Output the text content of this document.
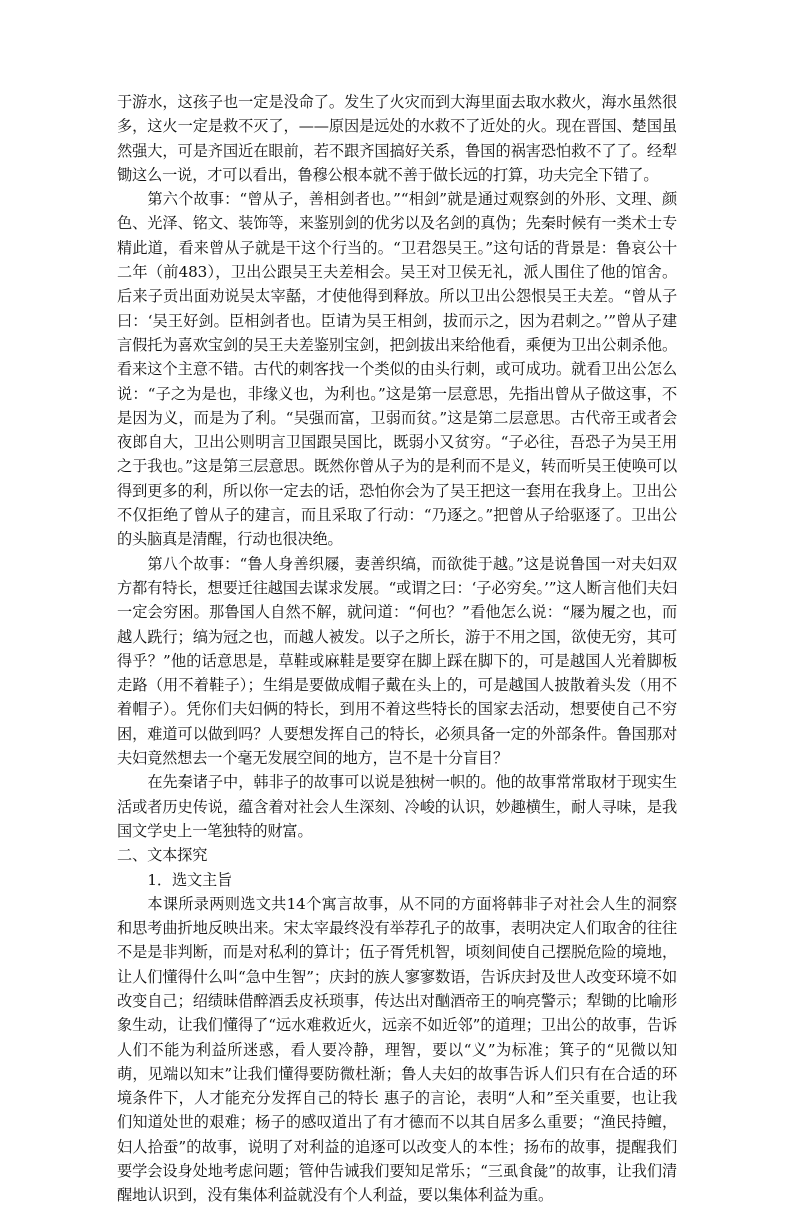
于游水，这孩子也一定是没命了。发生了火灾而到大海里面去取水救火，海水虽然很多，这火一定是救不灭了，——原因是远处的水救不了近处的火。现在晋国、楚国虽然强大，可是齐国近在眼前，若不跟齐国搞好关系，鲁国的祸害恐怕救不了了。经犁锄这么一说，才可以看出，鲁穆公根本就不善于做长远的打算，功夫完全下错了。

第六个故事：“曾从子，善相剑者也。”“相剑”就是通过观察剑的外形、文理、颜色、光泽、铭文、装饰等，来鉴别剑的优劣以及名剑的真伪；先秦时候有一类术士专精此道，看来曾从子就是干这个行当的。“卫君怨吴王。”这句话的背景是：鲁哀公十二年（前483），卫出公跟吴王夫差相会。吴王对卫侯无礼，派人围住了他的馆舍。后来子贡出面劝说吴太宰嚭，才使他得到释放。所以卫出公怨恨吴王夫差。“曾从子曰：‘吴王好剑。臣相剑者也。臣请为吴王相剑，拔而示之，因为君刺之。’”曾从子建言假托为喜欢宝剑的吴王夫差鉴别宝剑，把剑拔出来给他看，乘便为卫出公刺杀他。看来这个主意不错。古代的刺客找一个类似的由头行刺，或可成功。就看卫出公怎么说：“子之为是也，非缘义也，为利也。”这是第一层意思，先指出曾从子做这事，不是因为义，而是为了利。“吴强而富，卫弱而贫。”这是第二层意思。古代帝王或者会夜郎自大，卫出公则明言卫国跟吴国比，既弱小又贫穷。“子必往，吾恐子为吴王用之于我也。”这是第三层意思。既然你曾从子为的是利而不是义，转而听吴王使唤可以得到更多的利，所以你一定去的话，恐怕你会为了吴王把这一套用在我身上。卫出公不仅拒绝了曾从子的建言，而且采取了行动：“乃逐之。”把曾从子给驱逐了。卫出公的头脑真是清醒，行动也很决绝。

第八个故事：“鲁人身善织屦，妻善织缟，而欲徙于越。”这是说鲁国一对夫妇双方都有特长，想要迁往越国去谋求发展。“或谓之曰：‘子必穷矣。’”这人断言他们夫妇一定会穷困。那鲁国人自然不解，就问道：“何也？”看他怎么说：“屦为履之也，而越人跣行；缟为冠之也，而越人被发。以子之所长，游于不用之国，欲使无穷，其可得乎？”他的话意思是，草鞋或麻鞋是要穿在脚上踩在脚下的，可是越国人光着脚板走路（用不着鞋子）；生绢是要做成帽子戴在头上的，可是越国人披散着头发（用不着帽子）。凭你们夫妇俩的特长，到用不着这些特长的国家去活动，想要使自己不穷困，难道可以做到吗？人要想发挥自己的特长，必须具备一定的外部条件。鲁国那对夫妇竟然想去一个毫无发展空间的地方，岂不是十分盲目？

在先秦诸子中，韩非子的故事可以说是独树一帜的。他的故事常常取材于现实生活或者历史传说，蕴含着对社会人生深刻、冷峻的认识，妙趣横生，耐人寻味，是我国文学史上一笔独特的财富。

二、文本探究

1．选文主旨

本课所录两则选文共14个寓言故事，从不同的方面将韩非子对社会人生的洞察和思考曲折地反映出来。宋太宰最终没有举荐孔子的故事，表明决定人们取舍的往往不是是非判断，而是对私利的算计；伍子胥凭机智，顷刻间使自己摆脱危险的境地，让人们懂得什么叫“急中生智”；庆封的族人寥寥数语，告诉庆封及世人改变环境不如改变自己；绍绩昧借醉酒丢皮袄琐事，传达出对酗酒帝王的响亮警示；犁锄的比喻形象生动，让我们懂得了“远水难救近火，远亲不如近邻”的道理；卫出公的故事，告诉人们不能为利益所迷惑，看人要冷静，理智，要以“义”为标准；箕子的“见微以知萌，见端以知末”让我们懂得要防微杜渐；鲁人夫妇的故事告诉人们只有在合适的环境条件下，人才能充分发挥自己的特长 惠子的言论，表明“人和”至关重要，也让我们知道处世的艰难；杨子的感叹道出了有才德而不以其自居多么重要；“渔民持鳣，妇人拾蚕”的故事，说明了对利益的追逐可以改变人的本性；扬布的故事，提醒我们要学会设身处地考虑问题；管仲告诫我们要知足常乐；“三虱食彘”的故事，让我们清醒地认识到，没有集体利益就没有个人利益，要以集体利益为重。
